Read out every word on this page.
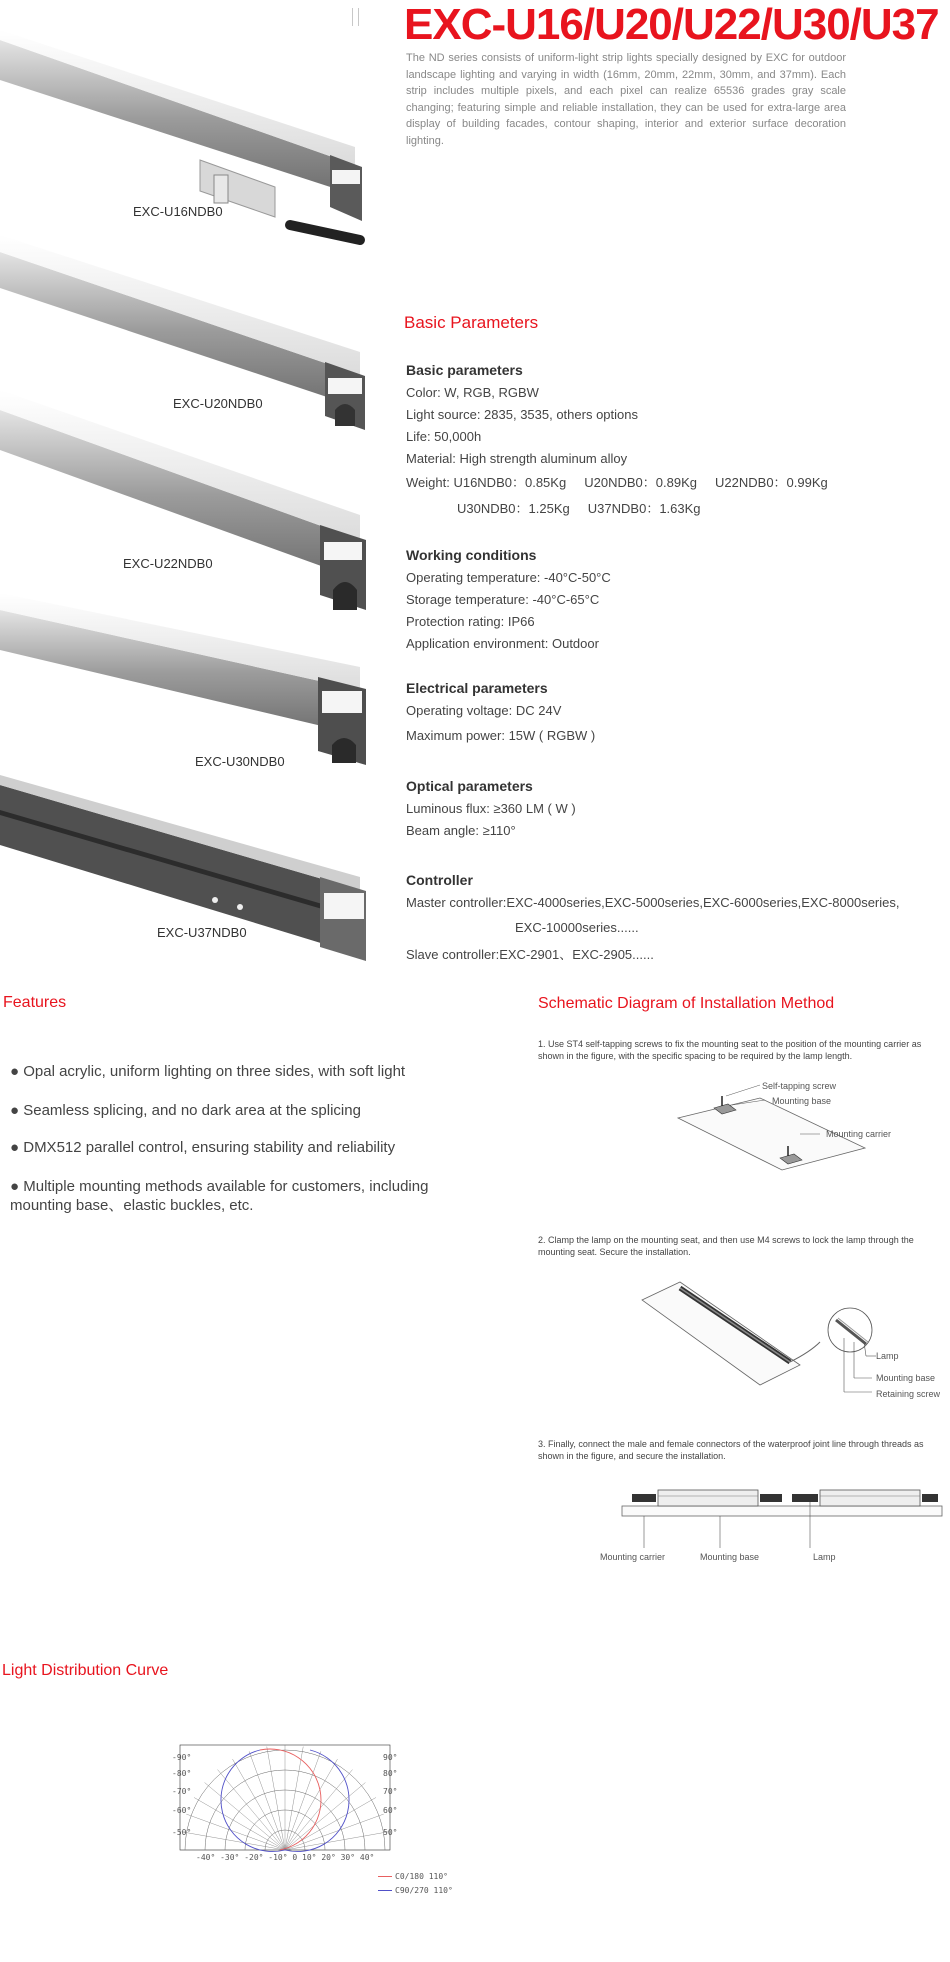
EXC-U16/U20/U22/U30/U37
The ND series consists of uniform-light strip lights specially designed by EXC for outdoor landscape lighting and varying in width (16mm, 20mm, 22mm, 30mm, and 37mm). Each strip includes multiple pixels, and each pixel can realize 65536 grades gray scale changing; featuring simple and reliable installation, they can be used for extra-large area display of building facades, contour shaping, interior and exterior surface decoration lighting.
EXC-U16NDB0
EXC-U20NDB0
EXC-U22NDB0
EXC-U30NDB0
EXC-U37NDB0
Basic Parameters
Basic parameters

Color: W, RGB, RGBW

Light source: 2835, 3535, others options

Life: 50,000h

Material: High strength aluminum alloy

Weight: U16NDB0：0.85Kg     U20NDB0：0.89Kg     U22NDB0：0.99Kg

U30NDB0：1.25Kg     U37NDB0：1.63Kg

Working conditions

Operating temperature: -40°C-50°C

Storage temperature: -40°C-65°C

Protection rating: IP66

Application environment: Outdoor

Electrical parameters

Operating voltage: DC 24V

Maximum power: 15W ( RGBW )

Optical parameters

Luminous flux: ≥360 LM ( W )

Beam angle: ≥110°

Controller

Master controller:EXC-4000series,EXC-5000series,EXC-6000series,EXC-8000series,

EXC-10000series......

Slave controller:EXC-2901、EXC-2905......

Features
● Opal acrylic, uniform lighting on three sides, with soft light
● Seamless splicing, and no dark area at the splicing
● DMX512 parallel control, ensuring stability and reliability
● Multiple mounting methods available for customers, including mounting base、elastic buckles, etc.
Schematic Diagram of Installation Method
1. Use ST4 self-tapping screws to fix the mounting seat to the position of the mounting carrier as shown in the figure, with the specific spacing to be required by the lamp length.
Self-tapping screw
Mounting base
Mounting carrier
2. Clamp the lamp on the mounting seat, and then use M4 screws to lock the lamp through the mounting seat. Secure the installation.
Lamp
Mounting base
Retaining screw
3. Finally, connect the male and female connectors of the waterproof joint line through threads as shown in the figure, and secure the installation.
Mounting carrier	Mounting base	Lamp
Light Distribution Curve
-90°
-80°
-70°
-60°
-50°
90°
80°
70°
60°
50°
-40° -30° -20° -10° 0 10° 20° 30° 40°
C0/180 110°
C90/270 110°
